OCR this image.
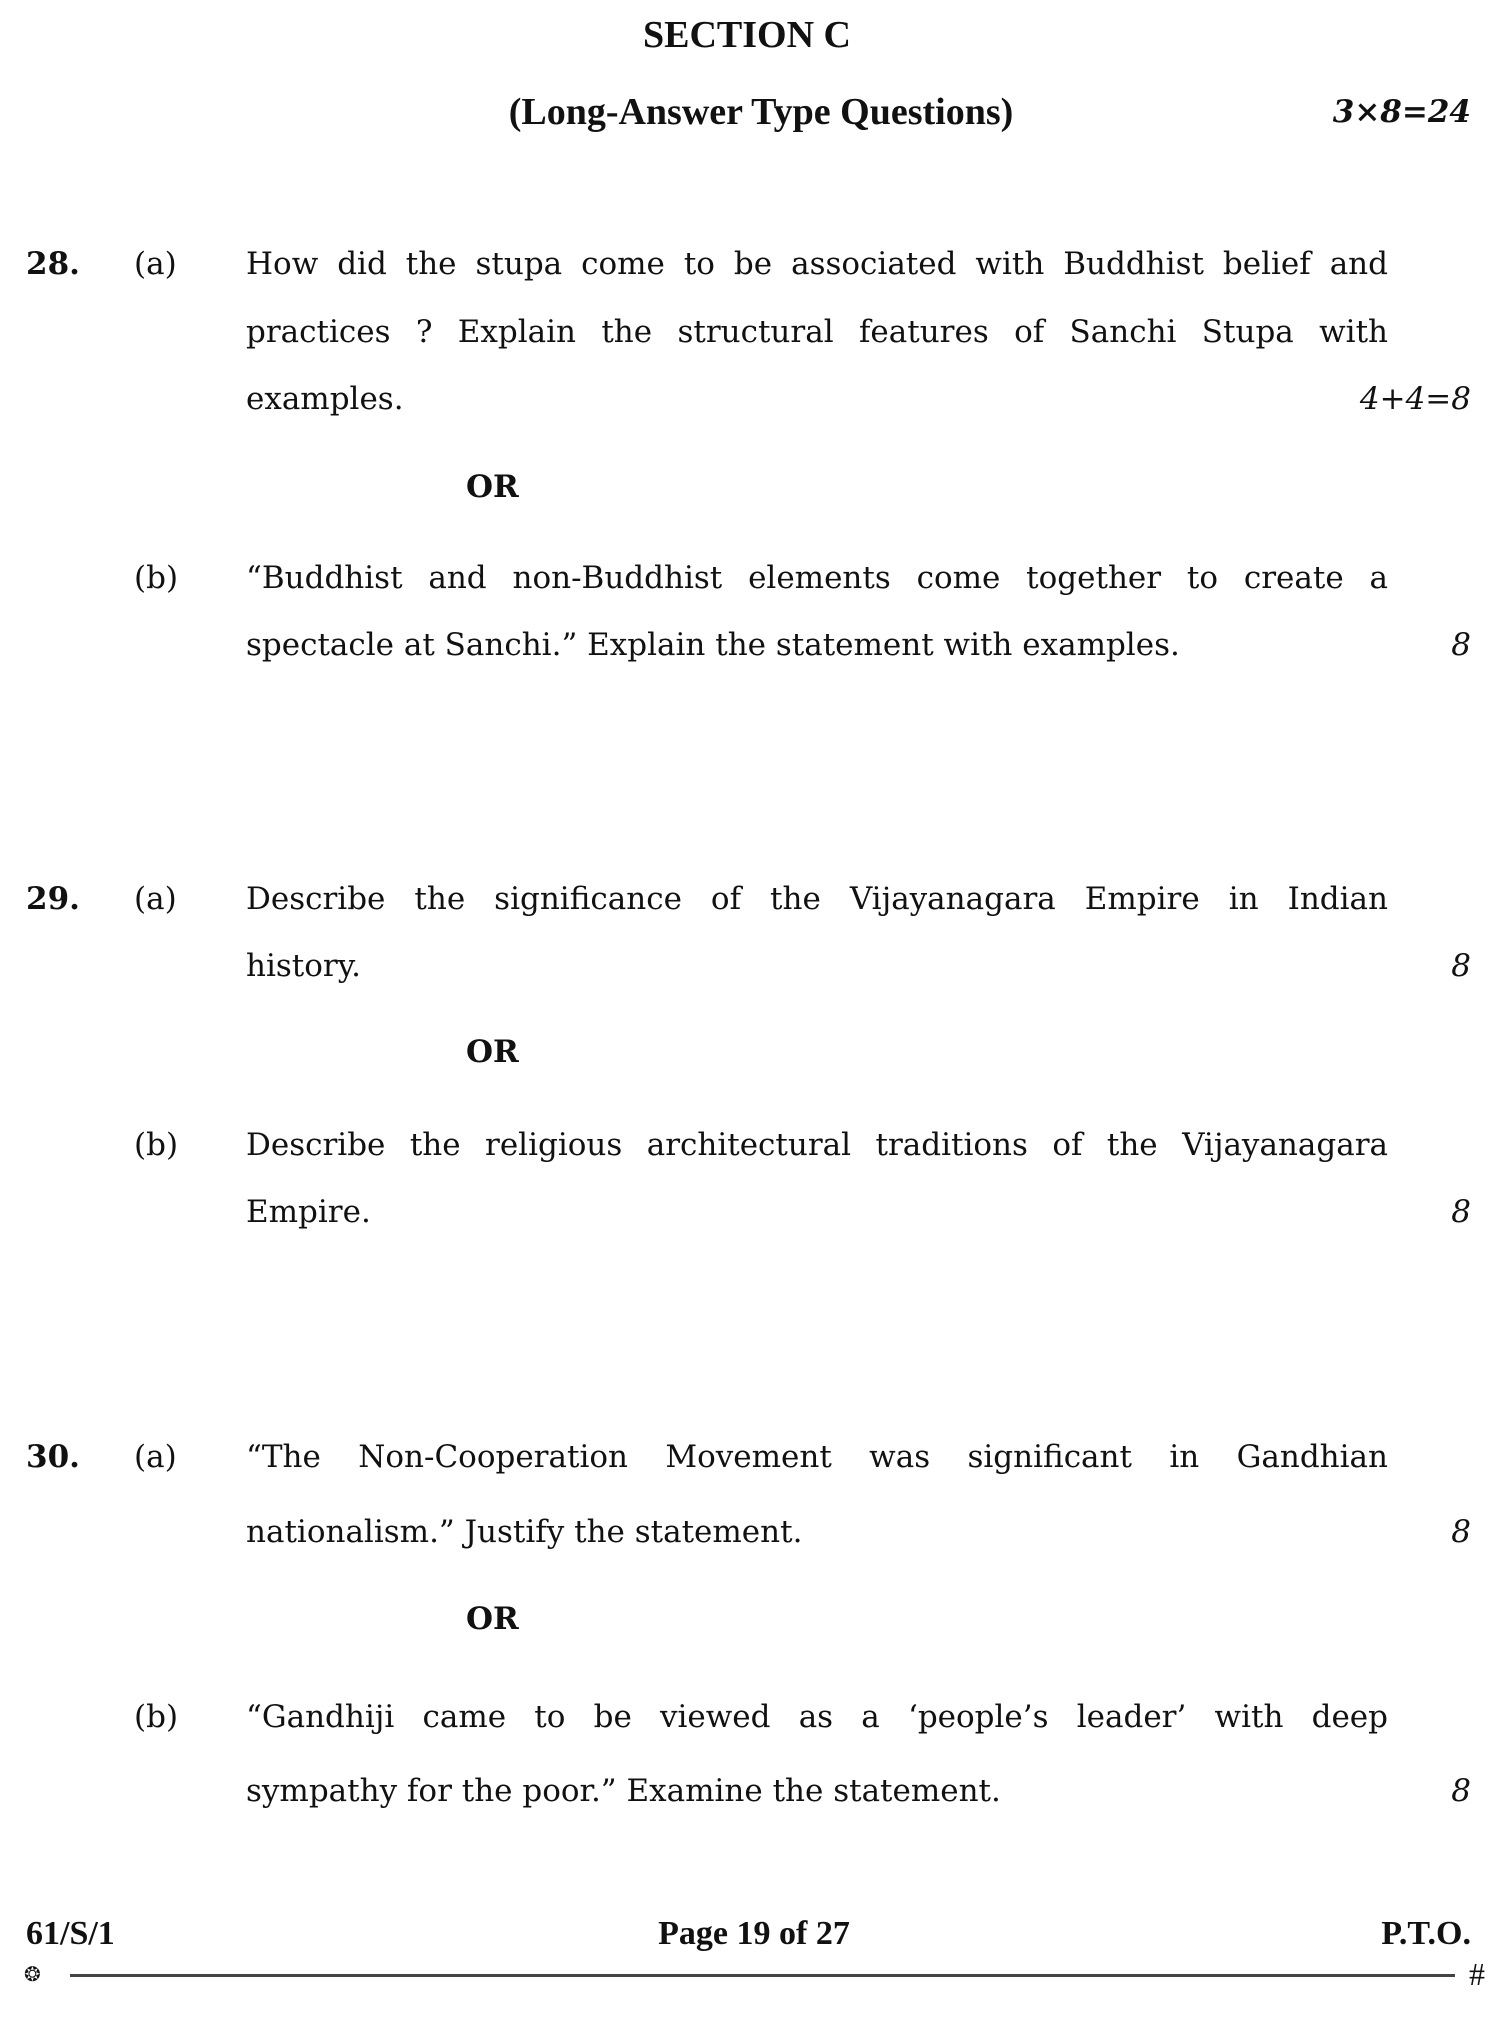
SECTION C
(Long-Answer Type Questions)	3×8=24
28. (a) How did the stupa come to be associated with Buddhist belief and
practices ? Explain the structural features of Sanchi Stupa with
examples.	4+4=8
OR
(b) “Buddhist and non-Buddhist elements come together to create a
spectacle at Sanchi.” Explain the statement with examples.	8
29. (a) Describe the significance of the Vijayanagara Empire in Indian
history.	8
OR
(b) Describe the religious architectural traditions of the Vijayanagara
Empire.	8
30. (a) “The Non-Cooperation Movement was significant in Gandhian
nationalism.” Justify the statement.	8
OR
(b) “Gandhiji came to be viewed as a ‘people’s leader’ with deep
sympathy for the poor.” Examine the statement.	8
61/S/1	Page 19 of 27	P.T.O.
❂	#
